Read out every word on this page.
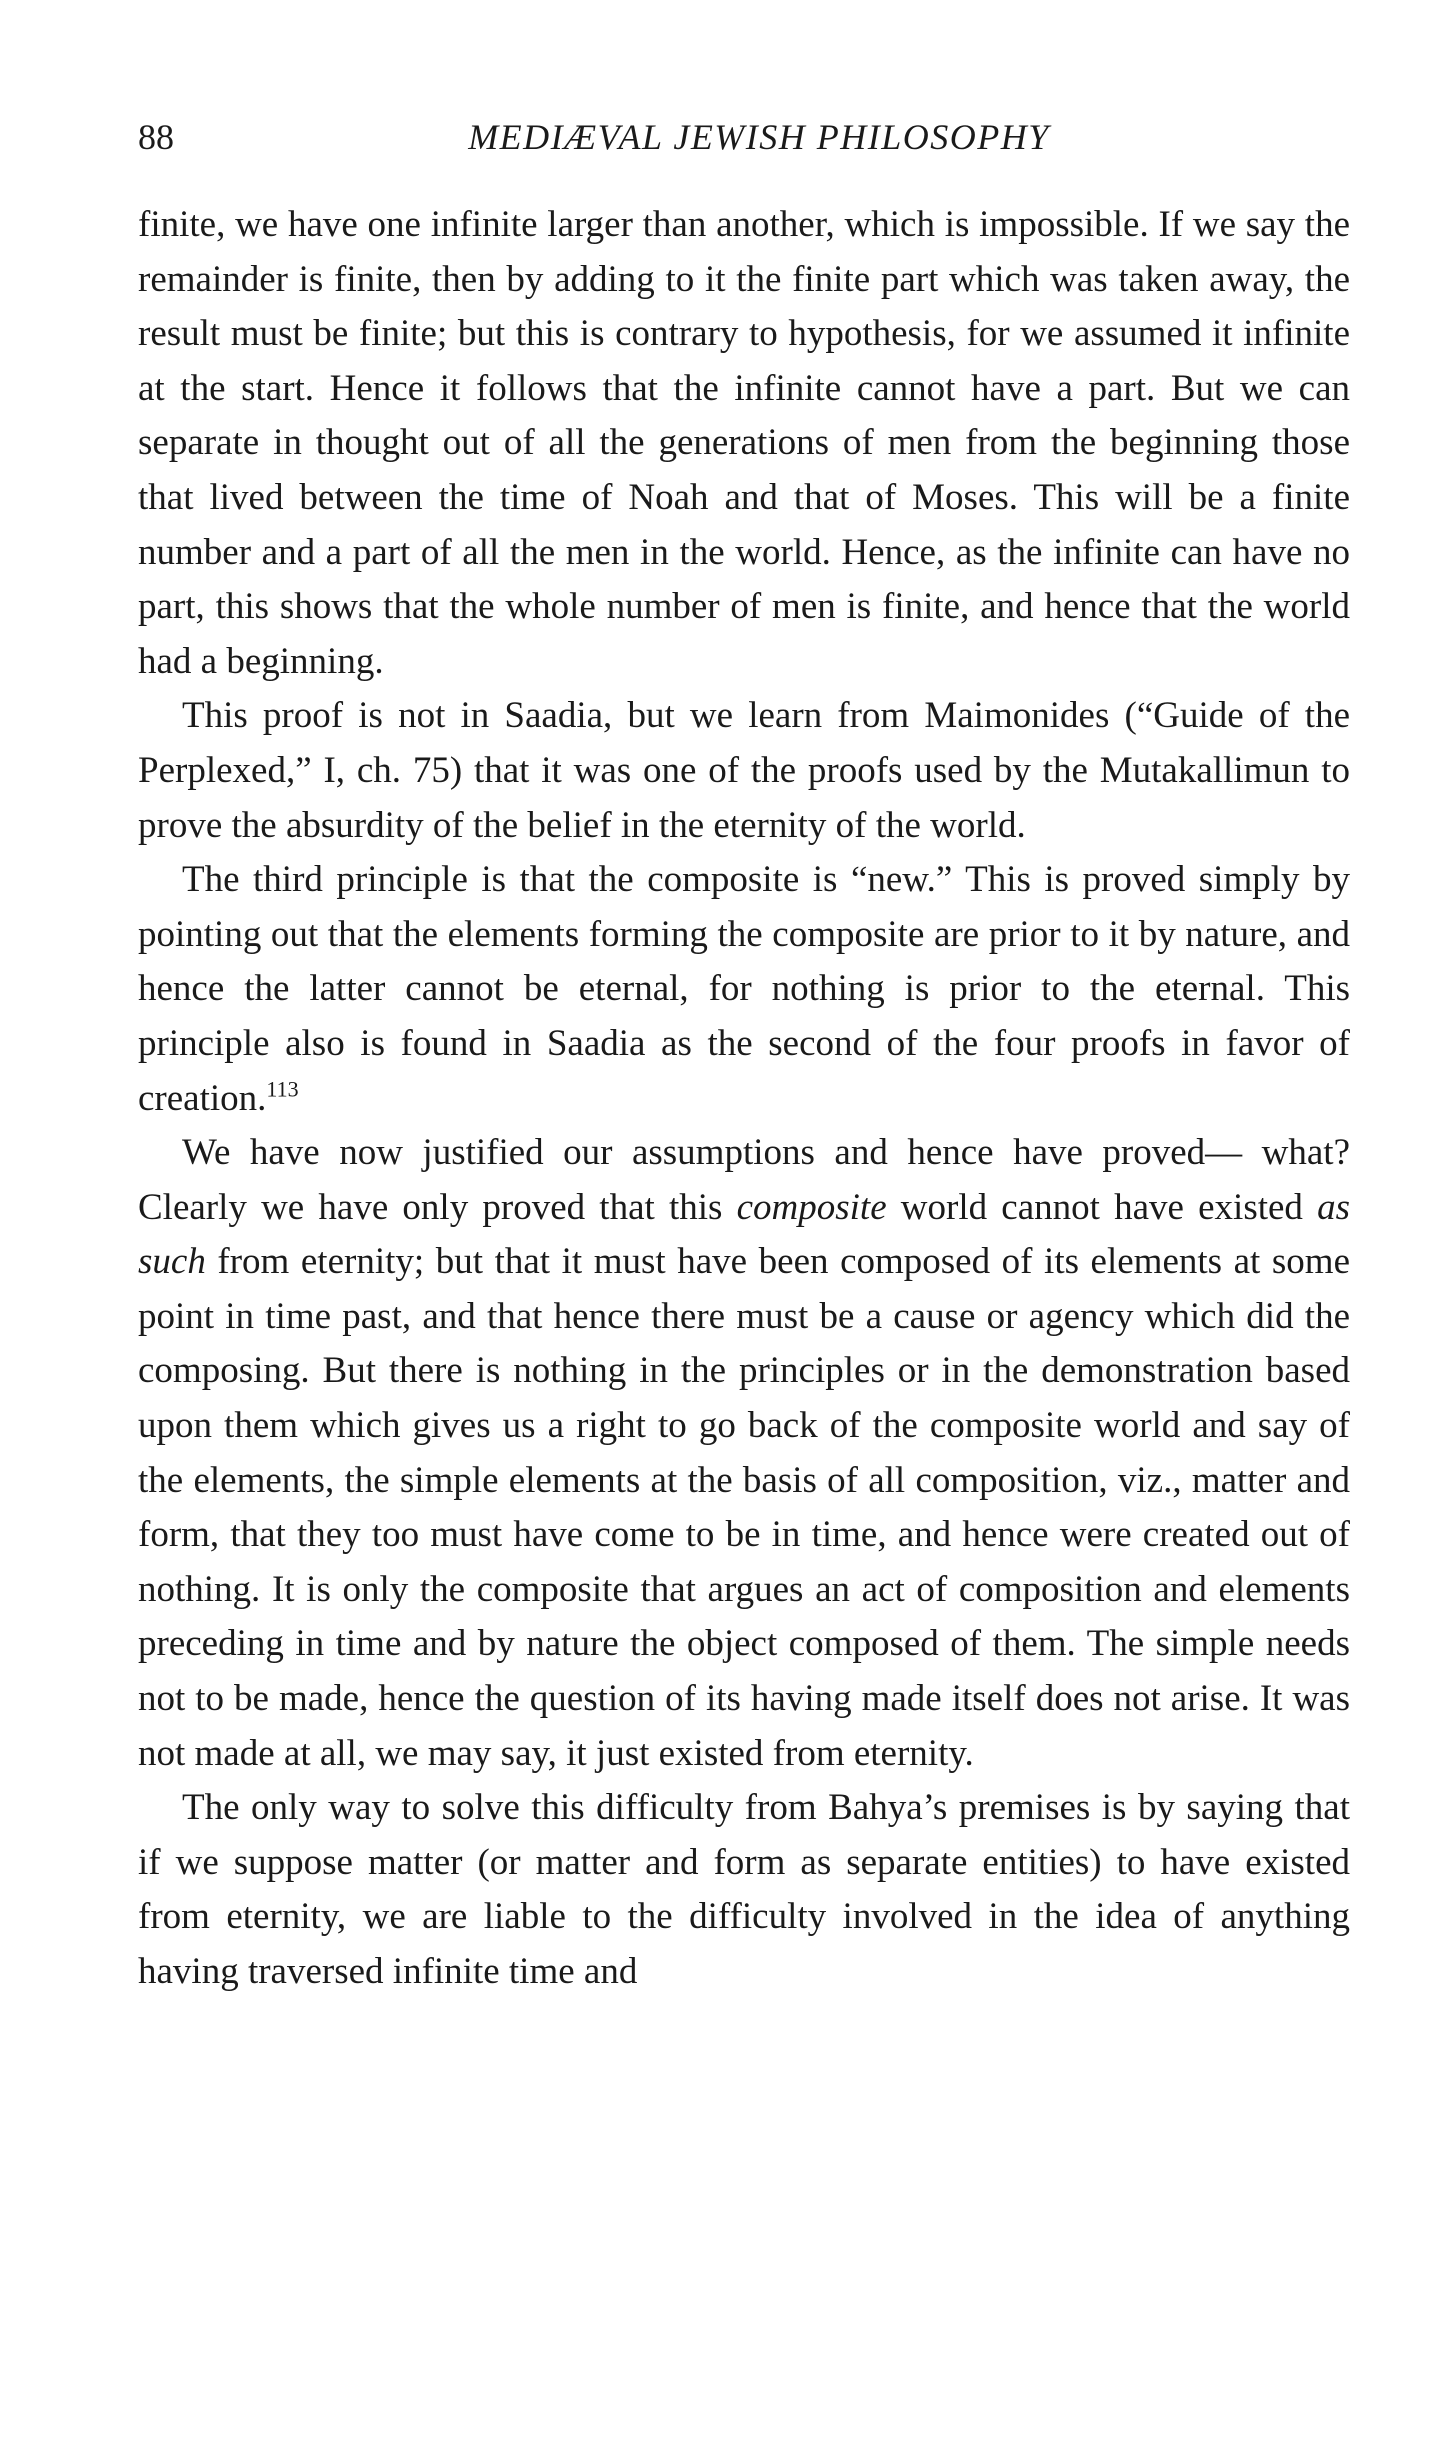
88	MEDIÆVAL JEWISH PHILOSOPHY

finite, we have one infinite larger than another, which is impossible. If we say the remainder is finite, then by adding to it the finite part which was taken away, the result must be finite; but this is contrary to hypothesis, for we assumed it infinite at the start. Hence it follows that the infinite cannot have a part. But we can separate in thought out of all the generations of men from the beginning those that lived between the time of Noah and that of Moses. This will be a finite number and a part of all the men in the world. Hence, as the infinite can have no part, this shows that the whole number of men is finite, and hence that the world had a beginning.

This proof is not in Saadia, but we learn from Maimonides (“Guide of the Perplexed,” I, ch. 75) that it was one of the proofs used by the Mutakallimun to prove the absurdity of the belief in the eternity of the world.

The third principle is that the composite is “new.” This is proved simply by pointing out that the elements forming the composite are prior to it by nature, and hence the latter cannot be eternal, for nothing is prior to the eternal. This principle also is found in Saadia as the second of the four proofs in favor of creation.$^{113}$

We have now justified our assumptions and hence have proved— what? Clearly we have only proved that this composite world cannot have existed as such from eternity; but that it must have been composed of its elements at some point in time past, and that hence there must be a cause or agency which did the composing. But there is nothing in the principles or in the demonstration based upon them which gives us a right to go back of the composite world and say of the elements, the simple elements at the basis of all composition, viz., matter and form, that they too must have come to be in time, and hence were created out of nothing. It is only the composite that argues an act of composition and elements preceding in time and by nature the object composed of them. The simple needs not to be made, hence the question of its having made itself does not arise. It was not made at all, we may say, it just existed from eternity.

The only way to solve this difficulty from Bahya’s premises is by saying that if we suppose matter (or matter and form as separate entities) to have existed from eternity, we are liable to the difficulty involved in the idea of anything having traversed infinite time and
